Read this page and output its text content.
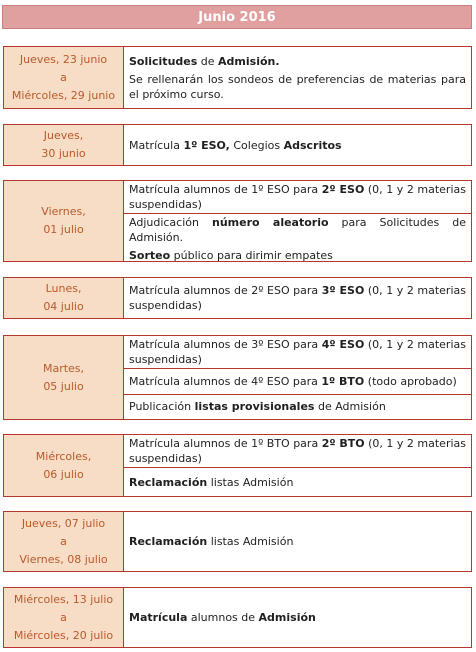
Junio 2016
Jueves, 23 junio
a
Miércoles, 29 junio
Solicitudes de Admisión.
Se rellenarán los sondeos de preferencias de materias para el próximo curso.
Jueves,
30 junio
Matrícula 1º ESO, Colegios Adscritos
Viernes,
01 julio
Matrícula alumnos de 1º ESO para 2º ESO (0, 1 y 2 materias suspendidas)
Adjudicación número aleatorio para Solicitudes de Admisión.
Sorteo público para dirimir empates
Lunes,
04 julio
Matrícula alumnos de 2º ESO para 3º ESO (0, 1 y 2 materias suspendidas)
Martes,
05 julio
Matrícula alumnos de 3º ESO para 4º ESO (0, 1 y 2 materias suspendidas)
Matrícula alumnos de 4º ESO para 1º BTO (todo aprobado)
Publicación listas provisionales de Admisión
Miércoles,
06 julio
Matrícula alumnos de 1º BTO para 2º BTO (0, 1 y 2 materias suspendidas)
Reclamación listas Admisión
Jueves, 07 julio
a
Viernes, 08 julio
Reclamación listas Admisión
Miércoles, 13 julio
a
Miércoles, 20 julio
Matrícula alumnos de Admisión
